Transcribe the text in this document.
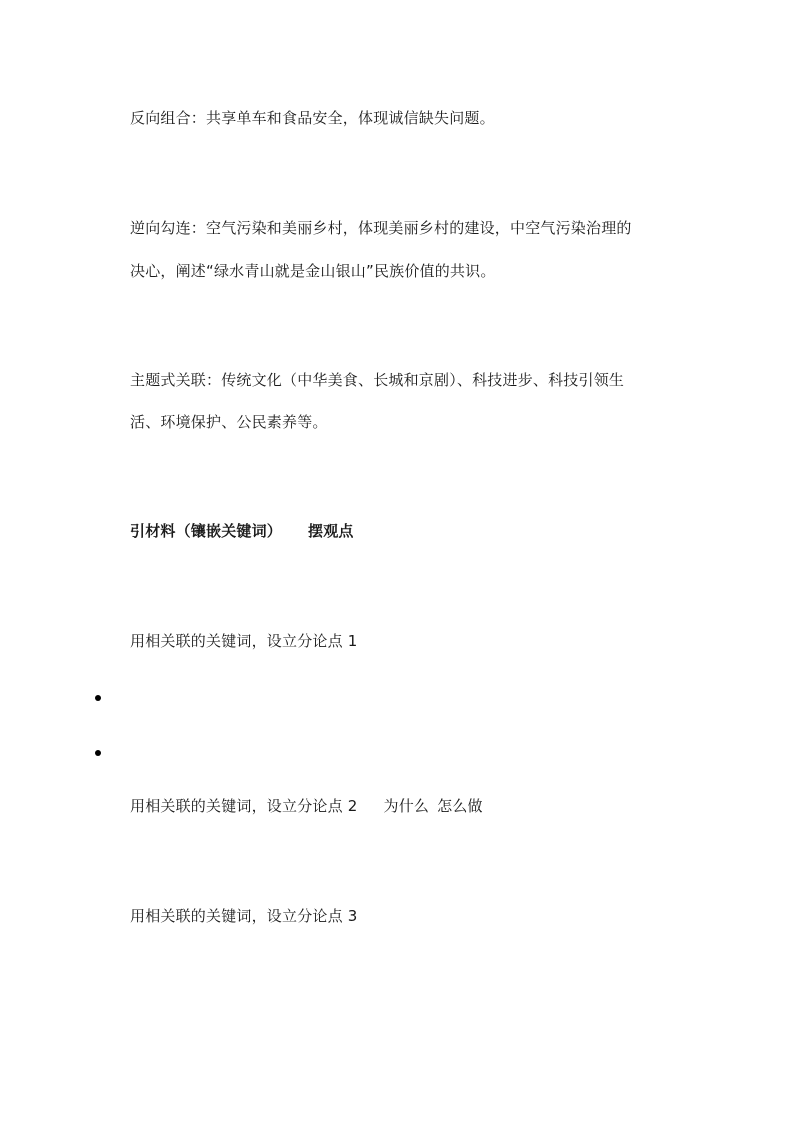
反向组合：共享单车和食品安全，体现诚信缺失问题。
逆向勾连：空气污染和美丽乡村，体现美丽乡村的建设，中空气污染治理的
决心，阐述“绿水青山就是金山银山”民族价值的共识。
主题式关联：传统文化（中华美食、长城和京剧）、科技进步、科技引领生
活、环境保护、公民素养等。
引材料（镶嵌关键词） 摆观点
用相关联的关键词，设立分论点 1
用相关联的关键词，设立分论点 2 为什么 怎么做
用相关联的关键词，设立分论点 3
